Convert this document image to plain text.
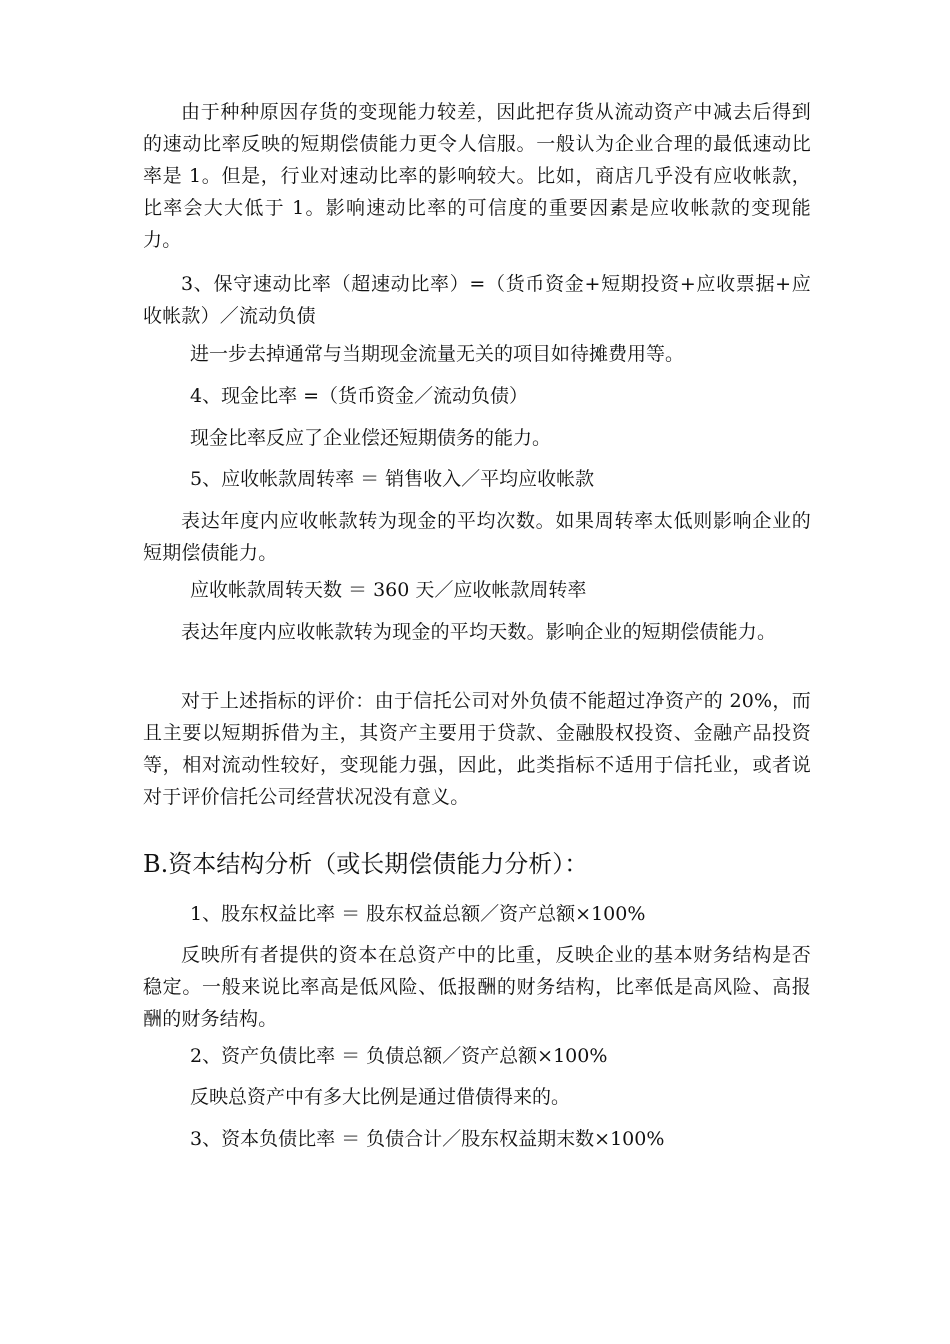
由于种种原因存货的变现能力较差，因此把存货从流动资产中减去后得到的速动比率反映的短期偿债能力更令人信服。一般认为企业合理的最低速动比率是 1。但是，行业对速动比率的影响较大。比如，商店几乎没有应收帐款，比率会大大低于 1。影响速动比率的可信度的重要因素是应收帐款的变现能力。

3、保守速动比率（超速动比率）=（货币资金+短期投资+应收票据+应收帐款）／流动负债

进一步去掉通常与当期现金流量无关的项目如待摊费用等。

4、现金比率 =（货币资金／流动负债）

现金比率反应了企业偿还短期债务的能力。

5、应收帐款周转率 ＝ 销售收入／平均应收帐款

表达年度内应收帐款转为现金的平均次数。如果周转率太低则影响企业的短期偿债能力。

应收帐款周转天数 ＝ 360 天／应收帐款周转率

表达年度内应收帐款转为现金的平均天数。影响企业的短期偿债能力。

对于上述指标的评价：由于信托公司对外负债不能超过净资产的 20%，而且主要以短期拆借为主，其资产主要用于贷款、金融股权投资、金融产品投资等，相对流动性较好，变现能力强，因此，此类指标不适用于信托业，或者说对于评价信托公司经营状况没有意义。

B.资本结构分析（或长期偿债能力分析）：

1、股东权益比率 ＝ 股东权益总额／资产总额×100%

反映所有者提供的资本在总资产中的比重，反映企业的基本财务结构是否稳定。一般来说比率高是低风险、低报酬的财务结构，比率低是高风险、高报酬的财务结构。

2、资产负债比率 ＝ 负债总额／资产总额×100%

反映总资产中有多大比例是通过借债得来的。

3、资本负债比率 ＝ 负债合计／股东权益期末数×100%
